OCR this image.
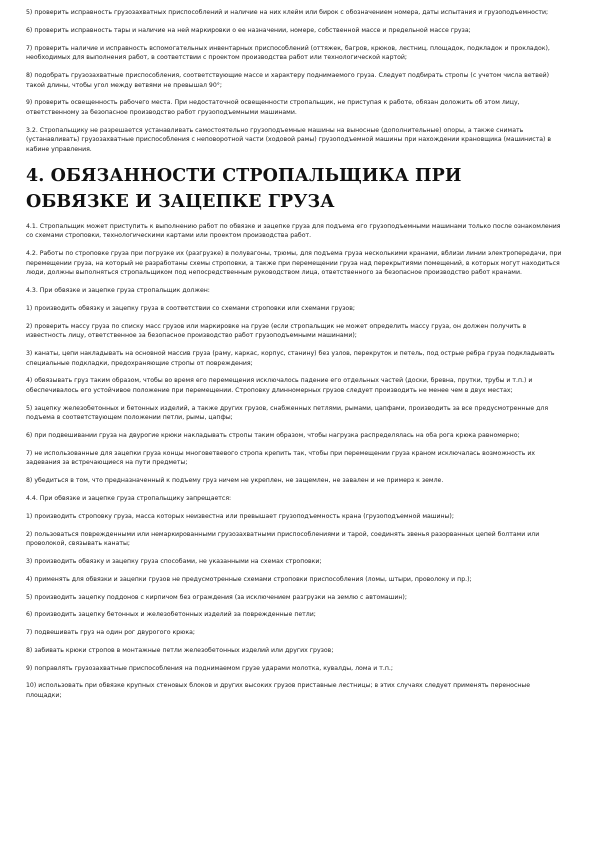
5) проверить исправность грузозахватных приспособлений и наличие на них клейм или бирок с обозначением номера, даты испытания и грузоподъемности;

6) проверить исправность тары и наличие на ней маркировки о ее назначении, номере, собственной массе и предельной массе груза;

7) проверить наличие и исправность вспомогательных инвентарных приспособлений (оттяжек, багров, крюков, лестниц, площадок, подкладок и прокладок), необходимых для выполнения работ, в соответствии с проектом производства работ или технологической картой;

8) подобрать грузозахватные приспособления, соответствующие массе и характеру поднимаемого груза. Следует подбирать стропы (с учетом числа ветвей) такой длины, чтобы угол между ветвями не превышал 90°;

9) проверить освещенность рабочего места. При недостаточной освещенности стропальщик, не приступая к работе, обязан доложить об этом лицу, ответственному за безопасное производство работ грузоподъемными машинами.

3.2. Стропальщику не разрешается устанавливать самостоятельно грузоподъемные машины на выносные (дополнительные) опоры, а также снимать (устанавливать) грузозахватные приспособления с неповоротной части (ходовой рамы) грузоподъемной машины при нахождении крановщика (машиниста) в кабине управления.

4. ОБЯЗАННОСТИ СТРОПАЛЬЩИКА ПРИ ОБВЯЗКЕ И ЗАЦЕПКЕ ГРУЗА

4.1. Стропальщик может приступить к выполнению работ по обвязке и зацепке груза для подъема его грузоподъемными машинами только после ознакомления со схемами строповки, технологическими картами или проектом производства работ.

4.2. Работы по строповке груза при погрузке их (разгрузке) в полувагоны, трюмы, для подъема груза несколькими кранами, вблизи линии электропередачи, при перемещении груза, на который не разработаны схемы строповки, а также при перемещении груза над перекрытиями помещений, в которых могут находиться люди, должны выполняться стропальщиком под непосредственным руководством лица, ответственного за безопасное производство работ кранами.

4.3. При обвязке и зацепке груза стропальщик должен:

1) производить обвязку и зацепку груза в соответствии со схемами строповки или схемами грузов;

2) проверить массу груза по списку масс грузов или маркировке на грузе (если стропальщик не может определить массу груза, он должен получить в известность лицу, ответственное за безопасное производство работ грузоподъемными машинами);

3) канаты, цепи накладывать на основной массив груза (раму, каркас, корпус, станину) без узлов, перекруток и петель, под острые ребра груза подкладывать специальные подкладки, предохраняющие стропы от повреждения;

4) обвязывать груз таким образом, чтобы во время его перемещения исключалось падение его отдельных частей (доски, бревна, прутки, трубы и т.п.) и обеспечивалось его устойчивое положение при перемещении. Строповку длинномерных грузов следует производить не менее чем в двух местах;

5) зацепку железобетонных и бетонных изделий, а также других грузов, снабженных петлями, рымами, цапфами, производить за все предусмотренные для подъема в соответствующем положении петли, рымы, цапфы;

6) при подвешивании груза на двурогие крюки накладывать стропы таким образом, чтобы нагрузка распределялась на оба рога крюка равномерно;

7) не использованные для зацепки груза концы многоветвевого стропа крепить так, чтобы при перемещении груза краном исключалась возможность их задевания за встречающиеся на пути предметы;

8) убедиться в том, что предназначенный к подъему груз ничем не укреплен, не защемлен, не завален и не примерз к земле.

4.4. При обвязке и зацепке груза стропальщику запрещается:

1) производить строповку груза, масса которых неизвестна или превышает грузоподъемность крана (грузоподъемной машины);

2) пользоваться поврежденными или немаркированными грузозахватными приспособлениями и тарой, соединять звенья разорванных цепей болтами или проволокой, связывать канаты;

3) производить обвязку и зацепку груза способами, не указанными на схемах строповки;

4) применять для обвязки и зацепки грузов не предусмотренные схемами строповки приспособления (ломы, штыри, проволоку и пр.);

5) производить зацепку поддонов с кирпичом без ограждения (за исключением разгрузки на землю с автомашин);

6) производить зацепку бетонных и железобетонных изделий за поврежденные петли;

7) подвешивать груз на один рог двурогого крюка;

8) забивать крюки стропов в монтажные петли железобетонных изделий или других грузов;

9) поправлять грузозахватные приспособления на поднимаемом грузе ударами молотка, кувалды, лома и т.п.;

10) использовать при обвязке крупных стеновых блоков и других высоких грузов приставные лестницы; в этих случаях следует применять переносные площадки;
